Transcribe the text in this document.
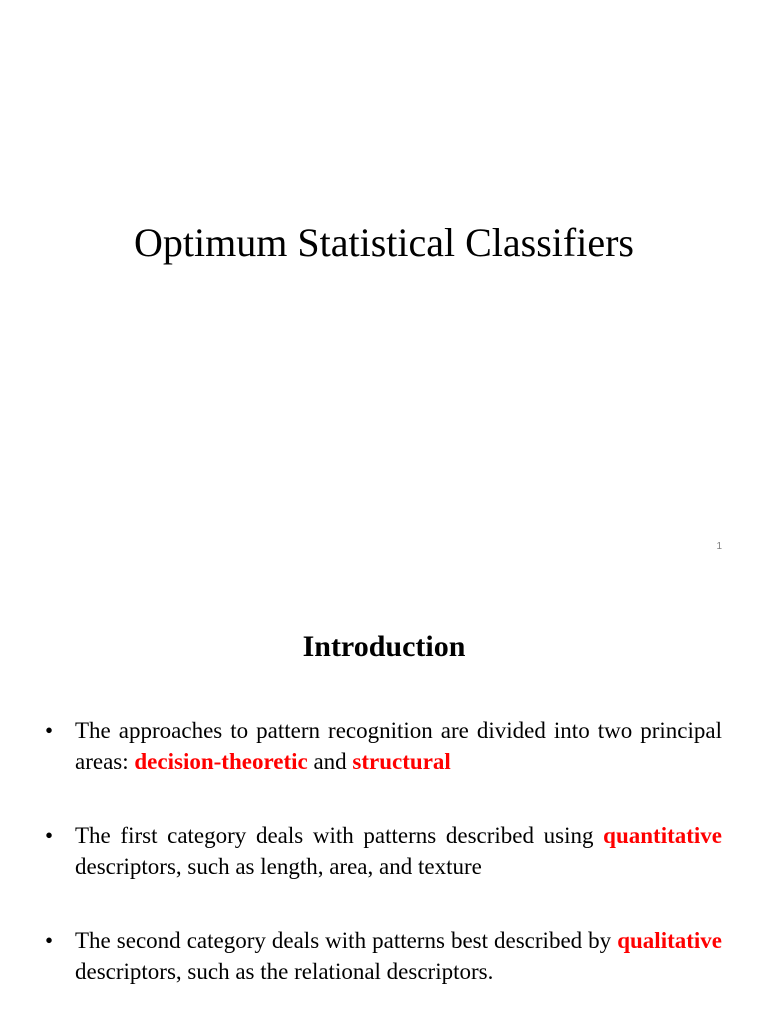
Optimum Statistical Classifiers
1
Introduction
• The approaches to pattern recognition are divided into two principal areas: decision-theoretic and structural
• The first category deals with patterns described using quantitative descriptors, such as length, area, and texture
• The second category deals with patterns best described by qualitative descriptors, such as the relational descriptors.
